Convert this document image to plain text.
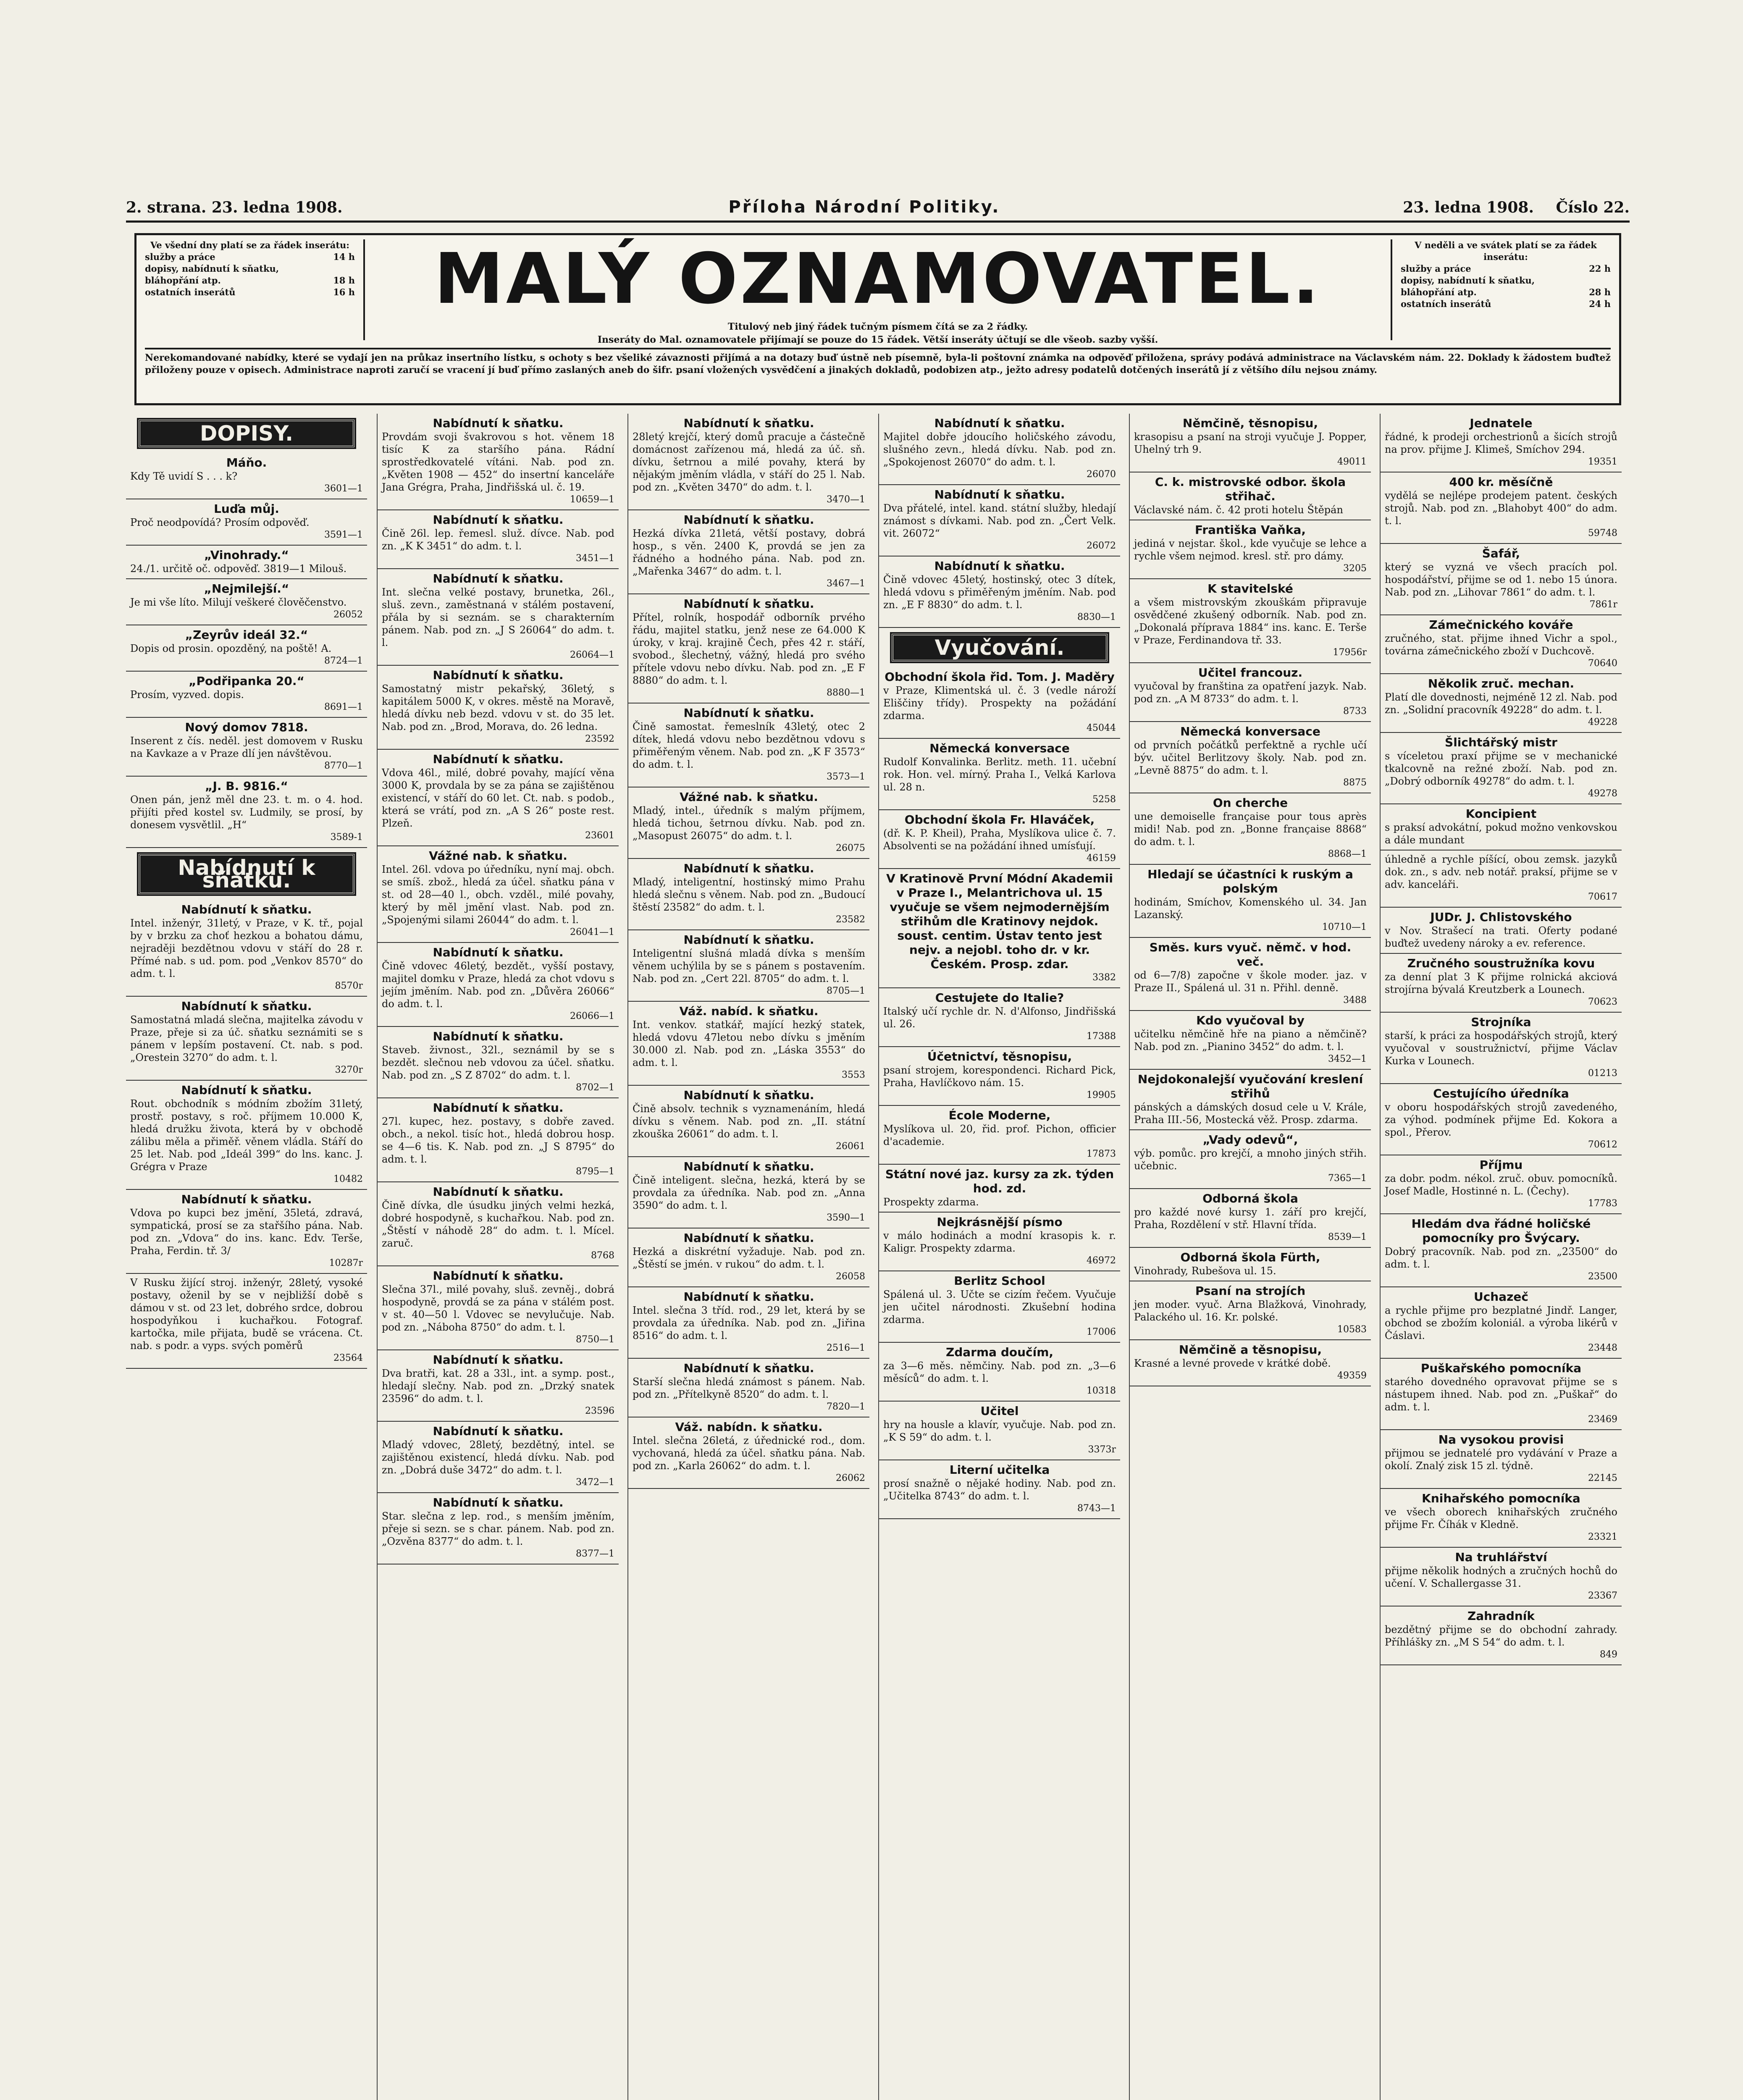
2. strana. 23. ledna 1908.	Příloha Národní Politiky.	23. ledna 1908. Číslo 22.
Ve všední dny platí se za řádek inserátu:
služby a práce	14 h
dopisy, nabídnutí k sňatku,
bláhopřání atp.	18 h
ostatních inserátů	16 h	MALÝ OZNAMOVATEL.
Titulový neb jiný řádek tučným písmem čítá se za 2 řádky.
Inseráty do Mal. oznamovatele přijímají se pouze do 15 řádek. Větší inseráty účtují se dle všeob. sazby vyšší.
V neděli a ve svátek platí se za řádek inserátu:
služby a práce	22 h
dopisy, nabídnutí k sňatku,
bláhopřání atp.	28 h
ostatních inserátů	24 h
Nerekomandované nabídky, které se vydají jen na průkaz insertního lístku, s ochoty s bez všeliké závaznosti přijímá a na dotazy buď ústně neb písemně, byla-li poštovní známka na odpověď přiložena, správy podává administrace na Václavském nám. 22. Doklady k žádostem buďtež přiloženy pouze v opisech. Administrace naproti zaručí se vracení jí buď přímo zaslaných aneb do šifr. psaní vložených vysvědčení a jinakých dokladů, podobizen atp., ježto adresy podatelů dotčených inserátů jí z většího dílu nejsou známy.
DOPISY.
Máňo.
Kdy Tě uvidí S . . . k?
3601—1
Luďa můj.
Proč neodpovídá? Prosím odpověď.
3591—1
„Vinohrady.“
24./1. určitě oč. odpověď. 3819—1 Milouš.
„Nejmilejší.“
Je mi vše líto. Milují veškeré člověčenstvo.
26052
„Zeyrův ideál 32.“
Dopis od prosin. opozděný, na poště! A.
8724—1
„Podřipanka 20.“
Prosím, vyzved. dopis.
8691—1
Nový domov 7818.
Inserent z čís. neděl. jest domovem v Rusku na Kavkaze a v Praze dlí jen návštěvou.
8770—1
„J. B. 9816.“
Onen pán, jenž měl dne 23. t. m. o 4. hod. přijíti před kostel sv. Ludmily, se prosí, by donesem vysvětlil. „H“
3589-1
Nabídnutí k sňatku.
Nabídnutí k sňatku.
Intel. inženýr, 31letý, v Praze, v K. tř., pojal by v brzku za choť hezkou a bohatou dámu, nejraději bezdětnou vdovu v stáří do 28 r. Přímé nab. s ud. pom. pod „Venkov 8570“ do adm. t. l.
8570r
Nabídnutí k sňatku.
Samostatná mladá slečna, majitelka závodu v Praze, přeje si za úč. sňatku seznámiti se s pánem v lepším postavení. Ct. nab. s pod. „Orestein 3270“ do adm. t. l.
3270r
Nabídnutí k sňatku.
Rout. obchodník s módním zbožím 31letý, prostř. postavy, s roč. příjmem 10.000 K, hledá družku života, která by v obchodě zálibu měla a přiměř. věnem vládla. Stáří do 25 let. Nab. pod „Ideál 399“ do lns. kanc. J. Grégra v Praze
10482
Nabídnutí k sňatku.
Vdova po kupci bez jmění, 35letá, zdravá, sympatická, prosí se za stařšího pána. Nab. pod zn. „Vdova“ do ins. kanc. Edv. Terše, Praha, Ferdin. tř. 3/
10287r
V Rusku žijící stroj. inženýr, 28letý, vysoké postavy, oženil by se v nejbližší době s dámou v st. od 23 let, dobrého srdce, dobrou hospodyňkou i kuchařkou. Fotograf. kartočka, mile přijata, budě se vrácena. Ct. nab. s podr. a vyps. svých poměrů
23564
Nabídnutí k sňatku.
Provdám svoji švakrovou s hot. věnem 18 tisíc K za staršího pána. Rádní sprostředkovatelé vítáni. Nab. pod zn. „Květen 1908 — 452“ do insertní kanceláře Jana Grégra, Praha, Jindřišská ul. č. 19.
10659—1
Nabídnutí k sňatku.
Čině 26l. lep. řemesl. služ. dívce. Nab. pod zn. „K K 3451“ do adm. t. l.
3451—1
Nabídnutí k sňatku.
Int. slečna velké postavy, brunetka, 26l., sluš. zevn., zaměstnaná v stálém postavení, přála by si seznám. se s charakterním pánem. Nab. pod zn. „J S 26064“ do adm. t. l.
26064—1
Nabídnutí k sňatku.
Samostatný mistr pekařský, 36letý, s kapitálem 5000 K, v okres. městě na Moravě, hledá dívku neb bezd. vdovu v st. do 35 let. Nab. pod zn. „Brod, Morava, do. 26 ledna.
23592
Nabídnutí k sňatku.
Vdova 46l., milé, dobré povahy, mající věna 3000 K, provdala by se za pána se zajištěnou existencí, v stáří do 60 let. Ct. nab. s podob., která se vrátí, pod zn. „A S 26“ poste rest. Plzeň.
23601
Vážné nab. k sňatku.
Intel. 26l. vdova po úředníku, nyní maj. obch. se smíš. zbož., hledá za účel. sňatku pána v st. od 28—40 l., obch. vzděl., milé povahy, který by měl jmění vlast. Nab. pod zn. „Spojenými silami 26044“ do adm. t. l.
26041—1
Nabídnutí k sňatku.
Čině vdovec 46letý, bezdět., vyšší postavy, majitel domku v Praze, hledá za chot vdovu s jejím jměním. Nab. pod zn. „Důvěra 26066“ do adm. t. l.
26066—1
Nabídnutí k sňatku.
Staveb. živnost., 32l., seznámil by se s bezdět. slečnou neb vdovou za účel. sňatku. Nab. pod zn. „S Z 8702“ do adm. t. l.
8702—1
Nabídnutí k sňatku.
27l. kupec, hez. postavy, s dobře zaved. obch., a nekol. tisíc hot., hledá dobrou hosp. se 4—6 tis. K. Nab. pod zn. „J S 8795“ do adm. t. l.
8795—1
Nabídnutí k sňatku.
Čině dívka, dle úsudku jiných velmi hezká, dobré hospodyně, s kuchařkou. Nab. pod zn. „Štěstí v náhodě 28“ do adm. t. l. Mícel. zaruč.
8768
Nabídnutí k sňatku.
Slečna 37l., milé povahy, sluš. zevněj., dobrá hospodyně, provdá se za pána v stálém post. v st. 40—50 l. Vdovec se nevylučuje. Nab. pod zn. „Náboha 8750“ do adm. t. l.
8750—1
Nabídnutí k sňatku.
Dva bratři, kat. 28 a 33l., int. a symp. post., hledají slečny. Nab. pod zn. „Drzký snatek 23596“ do adm. t. l.
23596
Nabídnutí k sňatku.
Mladý vdovec, 28letý, bezdětný, intel. se zajištěnou existencí, hledá dívku. Nab. pod zn. „Dobrá duše 3472“ do adm. t. l.
3472—1
Nabídnutí k sňatku.
Star. slečna z lep. rod., s menším jměním, přeje si sezn. se s char. pánem. Nab. pod zn. „Ozvěna 8377“ do adm. t. l.
8377—1
Nabídnutí k sňatku.
28letý krejčí, který domů pracuje a částečně domácnost zařízenou má, hledá za úč. sň. dívku, šetrnou a milé povahy, která by nějakým jměním vládla, v stáří do 25 l. Nab. pod zn. „Květen 3470“ do adm. t. l.
3470—1
Nabídnutí k sňatku.
Hezká dívka 21letá, větší postavy, dobrá hosp., s věn. 2400 K, provdá se jen za řádného a hodného pána. Nab. pod zn. „Mařenka 3467“ do adm. t. l.
3467—1
Nabídnutí k sňatku.
Přítel, rolník, hospodář odborník prvého řádu, majitel statku, jenž nese ze 64.000 K úroky, v kraj. krajině Čech, přes 42 r. stáří, svobod., šlechetný, vážný, hledá pro svého přítele vdovu nebo dívku. Nab. pod zn. „E F 8880“ do adm. t. l.
8880—1
Nabídnutí k sňatku.
Čině samostat. řemeslník 43letý, otec 2 dítek, hledá vdovu nebo bezdětnou vdovu s přiměřeným věnem. Nab. pod zn. „K F 3573“ do adm. t. l.
3573—1
Vážné nab. k sňatku.
Mladý, intel., úředník s malým příjmem, hledá tichou, šetrnou dívku. Nab. pod zn. „Masopust 26075“ do adm. t. l.
26075
Nabídnutí k sňatku.
Mladý, inteligentní, hostinský mimo Prahu hledá slečnu s věnem. Nab. pod zn. „Budoucí štěstí 23582“ do adm. t. l.
23582
Nabídnutí k sňatku.
Inteligentní slušná mladá dívka s menším věnem uchýlila by se s pánem s postavením. Nab. pod zn. „Cert 22l. 8705“ do adm. t. l.
8705—1
Váž. nabíd. k sňatku.
Int. venkov. statkář, mající hezký statek, hledá vdovu 47letou nebo dívku s jměním 30.000 zl. Nab. pod zn. „Láska 3553“ do adm. t. l.
3553
Nabídnutí k sňatku.
Čině absolv. technik s vyznamenáním, hledá dívku s věnem. Nab. pod zn. „II. státní zkouška 26061“ do adm. t. l.
26061
Nabídnutí k sňatku.
Čině inteligent. slečna, hezká, která by se provdala za úředníka. Nab. pod zn. „Anna 3590“ do adm. t. l.
3590—1
Nabídnutí k sňatku.
Hezká a diskrétní vyžaduje. Nab. pod zn. „Štěstí se jmén. v rukou“ do adm. t. l.
26058
Nabídnutí k sňatku.
Intel. slečna 3 tříd. rod., 29 let, která by se provdala za úředníka. Nab. pod zn. „Jiřina 8516“ do adm. t. l.
2516—1
Nabídnutí k sňatku.
Starší slečna hledá známost s pánem. Nab. pod zn. „Přítelkyně 8520“ do adm. t. l.
7820—1
Váž. nabídn. k sňatku.
Intel. slečna 26letá, z úřednické rod., dom. vychovaná, hledá za účel. sňatku pána. Nab. pod zn. „Karla 26062“ do adm. t. l.
26062
Nabídnutí k sňatku.
Majitel dobře jdoucího holičského závodu, slušného zevn., hledá dívku. Nab. pod zn. „Spokojenost 26070“ do adm. t. l.
26070
Nabídnutí k sňatku.
Dva přátelé, intel. kand. státní služby, hledají známost s dívkami. Nab. pod zn. „Čert Velk. vit. 26072“
26072
Nabídnutí k sňatku.
Čině vdovec 45letý, hostinský, otec 3 dítek, hledá vdovu s přiměřeným jměním. Nab. pod zn. „E F 8830“ do adm. t. l.
8830—1
Vyučování.
Obchodní škola řid. Tom. J. Maděry
v Praze, Klimentská ul. č. 3 (vedle nároží Eliščiny třídy). Prospekty na požádání zdarma.
45044
Německá konversace
Rudolf Konvalinka. Berlitz. meth. 11. učební rok. Hon. vel. mírný. Praha I., Velká Karlova ul. 28 n.
5258
Obchodní škola Fr. Hlaváček,
(dř. K. P. Kheil), Praha, Myslíkova ulice č. 7. Absolventi se na požádání ihned umísťují.
46159
V Kratinově První Módní Akademii v Praze I., Melantrichova ul. 15 vyučuje se všem nejmodernějším střihům dle Kratinovy nejdok. soust. centim. Ústav tento jest nejv. a nejobl. toho dr. v kr. Českém. Prosp. zdar.
3382
Cestujete do Italie?
Italský učí rychle dr. N. d'Alfonso, Jindřišská ul. 26.
17388
Účetnictví, těsnopisu,
psaní strojem, korespondenci. Richard Pick, Praha, Havlíčkovo nám. 15.
19905
École Moderne,
Myslíkova ul. 20, řid. prof. Pichon, officier d'academie.
17873
Státní nové jaz. kursy za zk. týden hod. zd.
Prospekty zdarma.
Nejkrásnější písmo
v málo hodinách a modní krasopis k. r. Kaligr. Prospekty zdarma.
46972
Berlitz School
Spálená ul. 3. Učte se cizím řečem. Vyučuje jen učitel národnosti. Zkušební hodina zdarma.
17006
Zdarma doučím,
za 3—6 měs. němčiny. Nab. pod zn. „3—6 měsíců“ do adm. t. l.
10318
Učitel
hry na housle a klavír, vyučuje. Nab. pod zn. „K S 59“ do adm. t. l.
3373r
Literní učitelka
prosí snažně o nějaké hodiny. Nab. pod zn. „Učitelka 8743“ do adm. t. l.
8743—1
Němčině, těsnopisu,
krasopisu a psaní na stroji vyučuje J. Popper, Uhelný trh 9.
49011
C. k. mistrovské odbor. škola střihač.
Václavské nám. č. 42 proti hotelu Štěpán
Františka Vaňka,
jediná v nejstar. škol., kde vyučuje se lehce a rychle všem nejmod. kresl. stř. pro dámy.
3205
K stavitelské
a všem mistrovským zkouškám připravuje osvědčené zkušený odborník. Nab. pod zn. „Dokonalá příprava 1884“ ins. kanc. E. Terše v Praze, Ferdinandova tř. 33.
17956r
Učitel francouz.
vyučoval by franština za opatření jazyk. Nab. pod zn. „A M 8733“ do adm. t. l.
8733
Německá konversace
od prvních počátků perfektně a rychle učí býv. učitel Berlitzovy školy. Nab. pod zn. „Levně 8875“ do adm. t. l.
8875
On cherche
une demoiselle française pour tous après midi! Nab. pod zn. „Bonne française 8868“ do adm. t. l.
8868—1
Hledají se účastníci k ruským a polským
hodinám, Smíchov, Komenského ul. 34. Jan Lazanský.
10710—1
Směs. kurs vyuč. němč. v hod. več.
od 6—7/8) započne v škole moder. jaz. v Praze II., Spálená ul. 31 n. Přihl. denně.
3488
Kdo vyučoval by
učitelku němčině hře na piano a němčině? Nab. pod zn. „Pianino 3452“ do adm. t. l.
3452—1
Nejdokonalejší vyučování kreslení střihů
pánských a dámských dosud cele u V. Krále, Praha III.-56, Mostecká věž. Prosp. zdarma.
„Vady odevů“,
výb. pomůc. pro krejčí, a mnoho jiných střih. učebnic.
7365—1
Odborná škola
pro každé nové kursy 1. září pro krejčí, Praha, Rozdělení v stř. Hlavní třída.
8539—1
Odborná škola Fürth,
Vinohrady, Rubešova ul. 15.
Psaní na strojích
jen moder. vyuč. Arna Blažková, Vinohrady, Palackého ul. 16. Kr. polské.
10583
Němčině a těsnopisu,
Krasné a levné provede v krátké době.
49359
Jednatele
řádné, k prodeji orchestrionů a šicích strojů na prov. přijme J. Klimeš, Smíchov 294.
19351
400 kr. měsíčně
vydělá se nejlépe prodejem patent. českých strojů. Nab. pod zn. „Blahobyt 400“ do adm. t. l.
59748
Šafář,
který se vyzná ve všech pracích pol. hospodářství, přijme se od 1. nebo 15 února. Nab. pod zn. „Lihovar 7861“ do adm. t. l.
7861r
Zámečnického kováře
zručného, stat. přijme ihned Vichr a spol., továrna zámečnického zboží v Duchcově.
70640
Několik zruč. mechan.
Platí dle dovednosti, nejméně 12 zl. Nab. pod zn. „Solidní pracovník 49228“ do adm. t. l.
49228
Šlichtářský mistr
s víceletou praxí přijme se v mechanické tkalcovně na režné zboží. Nab. pod zn. „Dobrý odborník 49278“ do adm. t. l.
49278
Koncipient
s praksí advokátní, pokud možno venkovskou a dále mundant
úhledně a rychle píšící, obou zemsk. jazyků dok. zn., s adv. neb notář. praksí, přijme se v adv. kanceláři.
70617
JUDr. J. Chlistovského
v Nov. Strašecí na trati. Oferty podané buďtež uvedeny nároky a ev. reference.
Zručného soustružníka kovu
za denní plat 3 K přijme rolnická akciová strojírna bývalá Kreutzberk a Lounech.
70623
Strojníka
starší, k práci za hospodářských strojů, který vyučoval v soustružnictví, přijme Václav Kurka v Lounech.
01213
Cestujícího úředníka
v oboru hospodářských strojů zavedeného, za výhod. podmínek přijme Ed. Kokora a spol., Přerov.
70612
Příjmu
za dobr. podm. nékol. zruč. obuv. pomocníků. Josef Madle, Hostinné n. L. (Čechy).
17783
Hledám dva řádné holičské pomocníky pro Švýcary.
Dobrý pracovník. Nab. pod zn. „23500“ do adm. t. l.
23500
Uchazeč
a rychle přijme pro bezplatné Jindř. Langer, obchod se zbožím koloniál. a výroba likérů v Čáslavi.
23448
Puškařského pomocníka
starého dovedného opravovat přijme se s nástupem ihned. Nab. pod zn. „Puškař“ do adm. t. l.
23469
Na vysokou provisi
přijmou se jednatelé pro vydávání v Praze a okolí. Znalý zisk 15 zl. týdně.
22145
Knihařského pomocníka
ve všech oborech knihařských zručného přijme Fr. Číhák v Kledně.
23321
Na truhlářství
přijme několik hodných a zručných hochů do učení. V. Schallergasse 31.
23367
Zahradník
bezdětný přijme se do obchodní zahrady. Příhlášky zn. „M S 54“ do adm. t. l.
849
